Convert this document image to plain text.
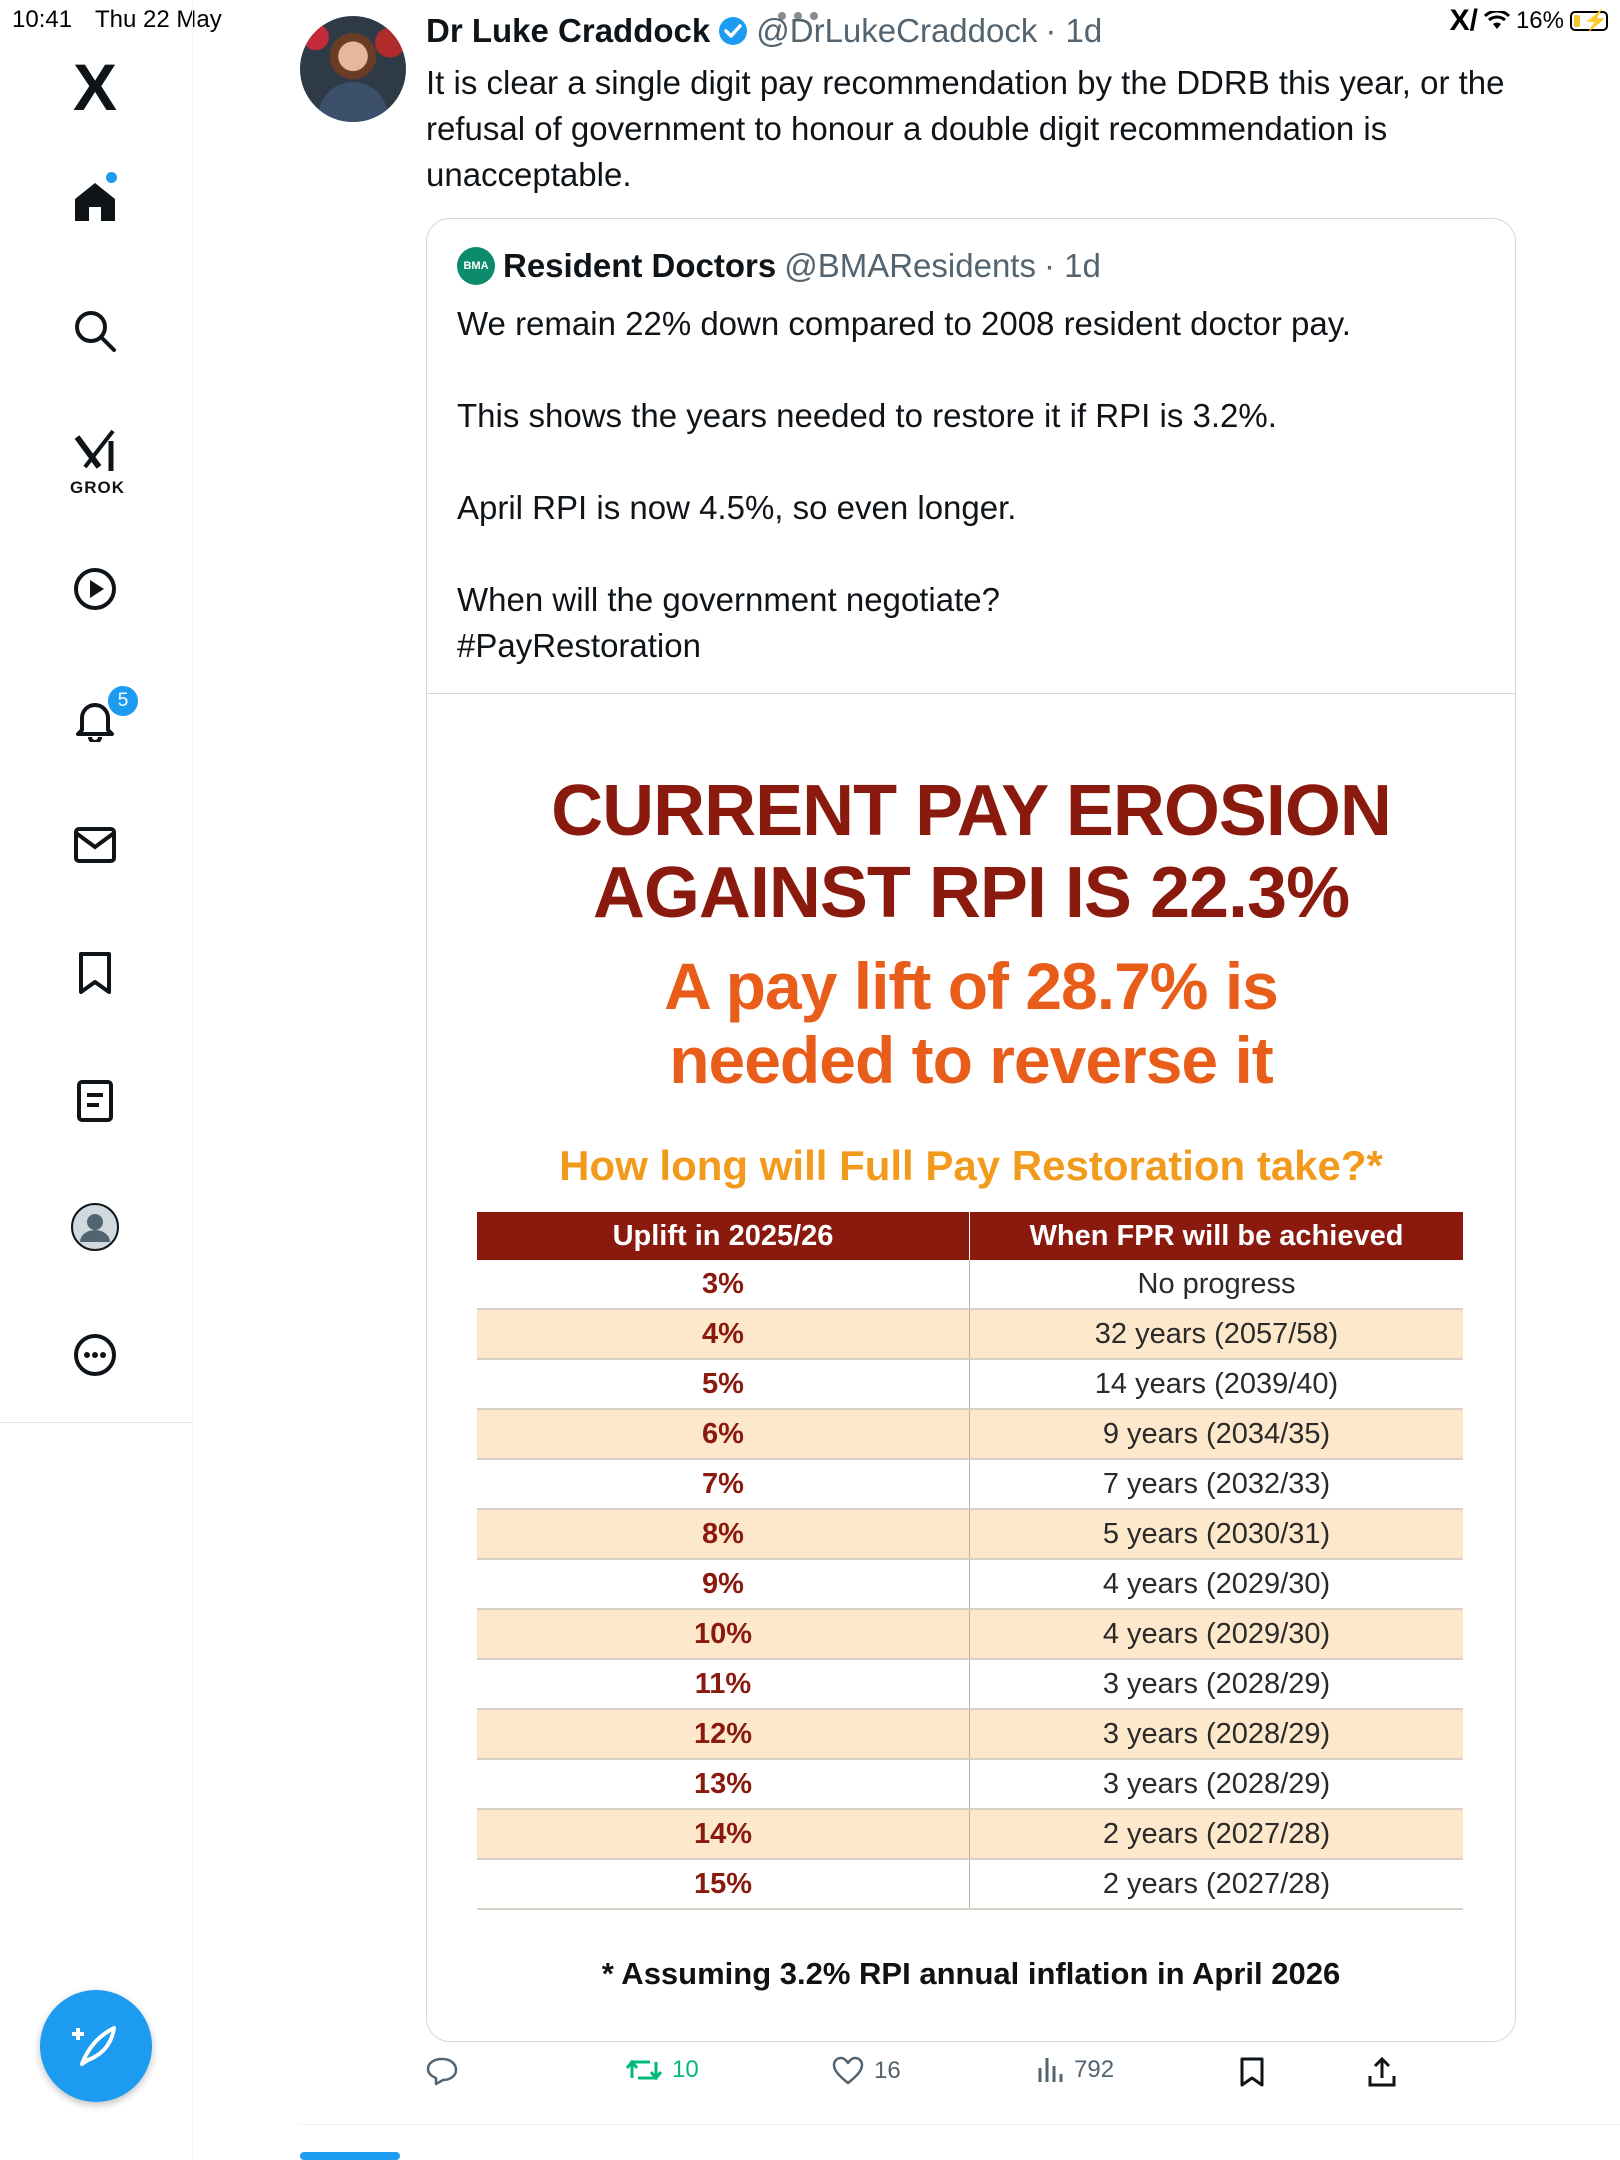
10:41 Thu 22 May	X/ 16% ⚡
X
GROK
5
Dr Luke Craddock @DrLukeCraddock · 1d
It is clear a single digit pay recommendation by the DDRB this year, or the refusal of government to honour a double digit recommendation is unacceptable.
BMA Resident Doctors @BMAResidents · 1d

We remain 22% down compared to 2008 resident doctor pay.

This shows the years needed to restore it if RPI is 3.2%.

April RPI is now 4.5%, so even longer.

When will the government negotiate?

#PayRestoration

CURRENT PAY EROSION
AGAINST RPI IS 22.3%
A pay lift of 28.7% is
needed to reverse it
How long will Full Pay Restoration take?*
Uplift in 2025/26	When FPR will be achieved
3%	No progress
4%	32 years (2057/58)
5%	14 years (2039/40)
6%	9 years (2034/35)
7%	7 years (2032/33)
8%	5 years (2030/31)
9%	4 years (2029/30)
10%	4 years (2029/30)
11%	3 years (2028/29)
12%	3 years (2028/29)
13%	3 years (2028/29)
14%	2 years (2027/28)
15%	2 years (2027/28)
* Assuming 3.2% RPI annual inflation in April 2026
10	16	792
